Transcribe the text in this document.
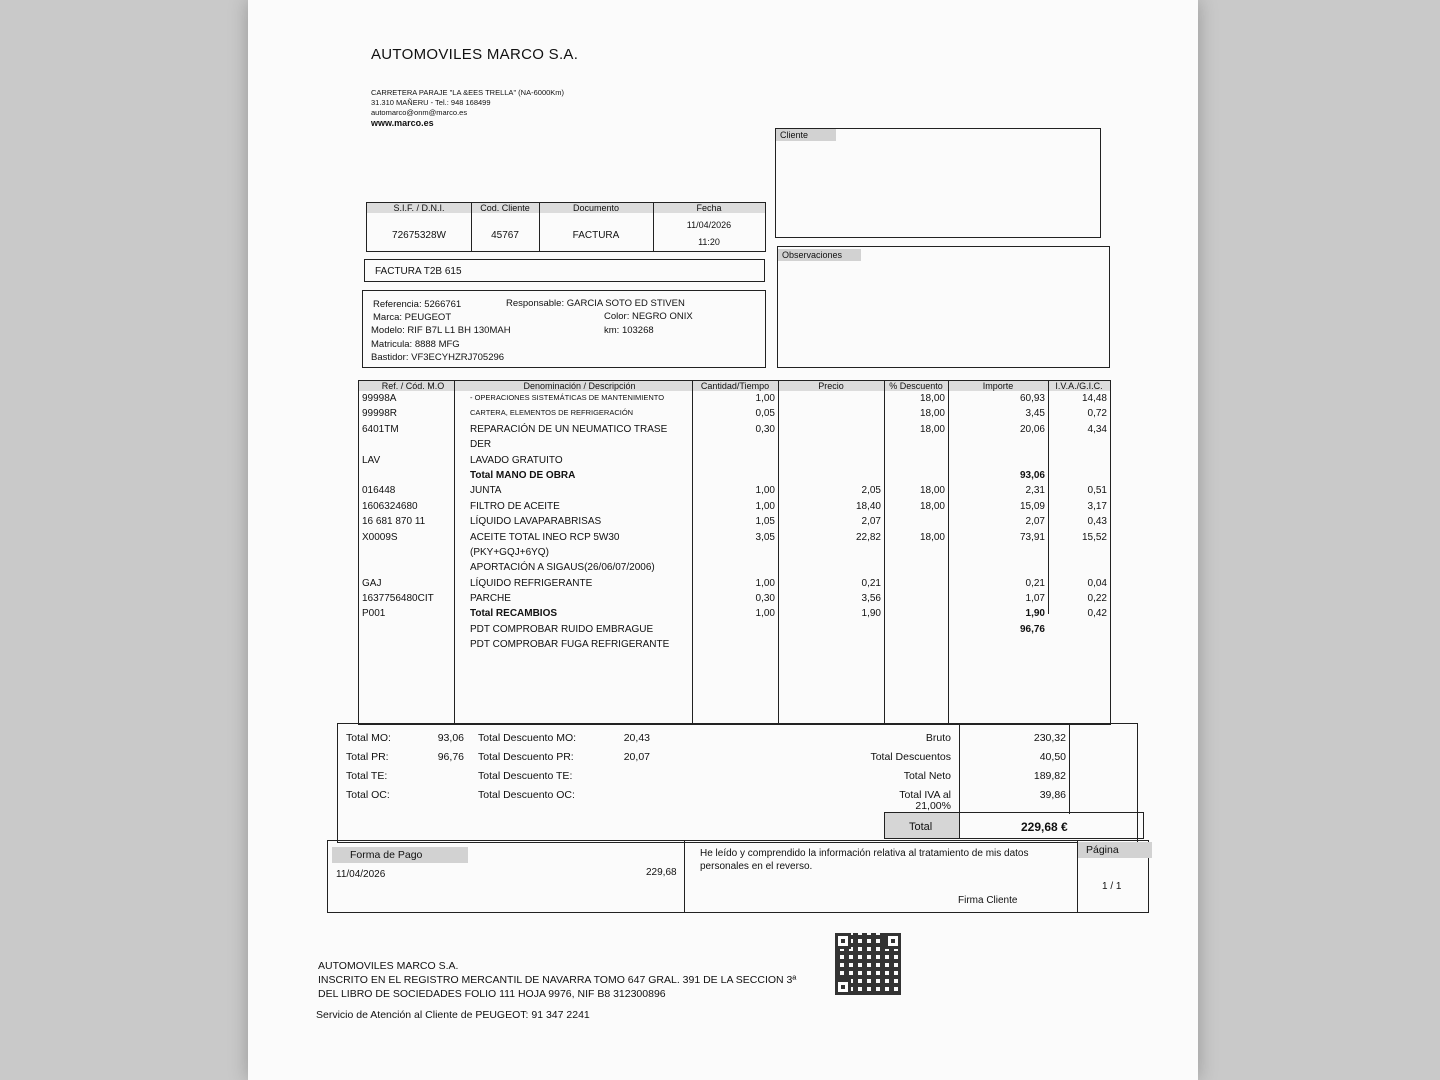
AUTOMOVILES MARCO S.A.
CARRETERA PARAJE "LA &EES TRELLA" (NA-6000Km)
31.310 MAÑERU - Tel.: 948 168499
automarco@onm@marco.es
www.marco.es
Cliente
Observaciones
S.I.F. / D.N.I.	Cod. Cliente	Documento	Fecha
72675328W	45767	FACTURA
11/04/2026
11:20
FACTURA T2B 615
Referencia: 5266761	Responsable: GARCIA SOTO ED STIVEN
Marca: PEUGEOT	Color: NEGRO ONIX
Modelo: RIF B7L L1 BH 130MAH	km: 103268
Matricula: 8888 MFG
Bastidor: VF3ECYHZRJ705296
Ref. / Cód. M.O	Denominación / Descripción	Cantidad/Tiempo	Precio	% Descuento	Importe	I.V.A./G.I.C.
99998A	- OPERACIONES SISTEMÁTICAS DE MANTENIMIENTO	1,00		18,00	60,93	14,48
99998R	CARTERA, ELEMENTOS DE REFRIGERACIÓN	0,05		18,00	3,45	0,72
6401TM	REPARACIÓN DE UN NEUMATICO TRASE	0,30		18,00	20,06	4,34
	DER					
LAV	LAVADO GRATUITO					
	Total MANO DE OBRA				93,06	
016448	JUNTA	1,00	2,05	18,00	2,31	0,51
1606324680	FILTRO DE ACEITE	1,00	18,40	18,00	15,09	3,17
16 681 870 11	LÍQUIDO LAVAPARABRISAS	1,05	2,07		2,07	0,43
X0009S	ACEITE TOTAL INEO RCP 5W30	3,05	22,82	18,00	73,91	15,52
	(PKY+GQJ+6YQ)					
	APORTACIÓN A SIGAUS(26/06/07/2006)					
GAJ	LÍQUIDO REFRIGERANTE	1,00	0,21		0,21	0,04
1637756480CIT	PARCHE	0,30	3,56		1,07	0,22
P001	Total RECAMBIOS	1,00	1,90		1,90	0,42
	PDT COMPROBAR RUIDO EMBRAGUE				96,76	
	PDT COMPROBAR FUGA REFRIGERANTE					
Total MO:	93,06
Total PR:	96,76
Total TE:
Total OC:
Total Descuento MO:	20,43
Total Descuento PR:	20,07
Total Descuento TE:
Total Descuento OC:
Bruto	230,32
Total Descuentos	40,50
Total Neto	189,82
Total IVA al
21,00%
39,86
Total	229,68 €
Forma de Pago
11/04/2026	229,68
He leído y comprendido la información relativa al tratamiento de mis datos personales en el reverso.
Firma Cliente
Página
1 / 1
AUTOMOVILES MARCO S.A.
INSCRITO EN EL REGISTRO MERCANTIL DE NAVARRA TOMO 647 GRAL. 391 DE LA SECCION 3ª
DEL LIBRO DE SOCIEDADES FOLIO 111 HOJA 9976, NIF B8 312300896
Servicio de Atención al Cliente de PEUGEOT: 91 347 2241
